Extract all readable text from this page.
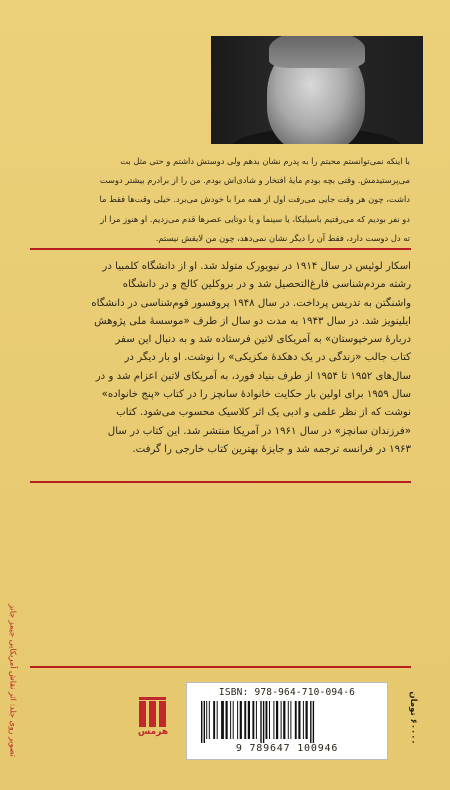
با اینکه نمی‌توانستم محبتم را به پدرم نشان بدهم ولی دوستش داشتم و حتی مثل بت
می‌پرستیدمش. وقتی بچه بودم مایهٔ افتخار و شادی‌اش بودم. من را از برادرم بیشتر دوست
داشت، چون هر وقت جایی می‌رفت اول از همه مرا با خودش می‌برد. خیلی وقت‌ها فقط ما
دو نفر بودیم که می‌رفتیم باسیلیکا، یا سینما و یا دوتایی عصرها قدم می‌زدیم. او هنوز مرا از
ته دل دوست دارد، فقط آن را دیگر نشان نمی‌دهد، چون من لایقش نیستم.
اسکار لوئیس در سال ۱۹۱۴ در نیویورک متولد شد. او از دانشگاه کلمبیا در
رشته مردم‌شناسی فارغ‌التحصیل شد و در بروکلین کالج و در دانشگاه
واشنگتن به تدریس پرداخت. در سال ۱۹۴۸ پروفسور قوم‌شناسی در دانشگاه
ایلینویز شد. در سال ۱۹۴۳ به مدت دو سال از طرف «موسسهٔ ملی پژوهش
دربارهٔ سرخپوستان» به آمریکای لاتین فرستاده شد و به دنبال این سفر
کتاب جالب «زندگی در یک دهکدهٔ مکزیکی» را نوشت. او بار دیگر در
سال‌های ۱۹۵۲ تا ۱۹۵۴ از طرف بنیاد فورد، به آمریکای لاتین اعزام شد و در
سال ۱۹۵۹ برای اولین بار حکایت خانوادهٔ سانچز را در کتاب «پنج خانواده»
نوشت که از نظر علمی و ادبی یک اثر کلاسیک محسوب می‌شود. کتاب
«فرزندان سانچز» در سال ۱۹۶۱ در آمریکا منتشر شد. این کتاب در سال
۱۹۶۳ در فرانسه ترجمه شد و جایزهٔ بهترین کتاب خارجی را گرفت.
تصویر روی جلد: اثر نقاش آمریکایی جیمز جانز	هرمس
ISBN: 978-964-710-094-6
9 789647 100946
۶۰۰۰۰ تومان
